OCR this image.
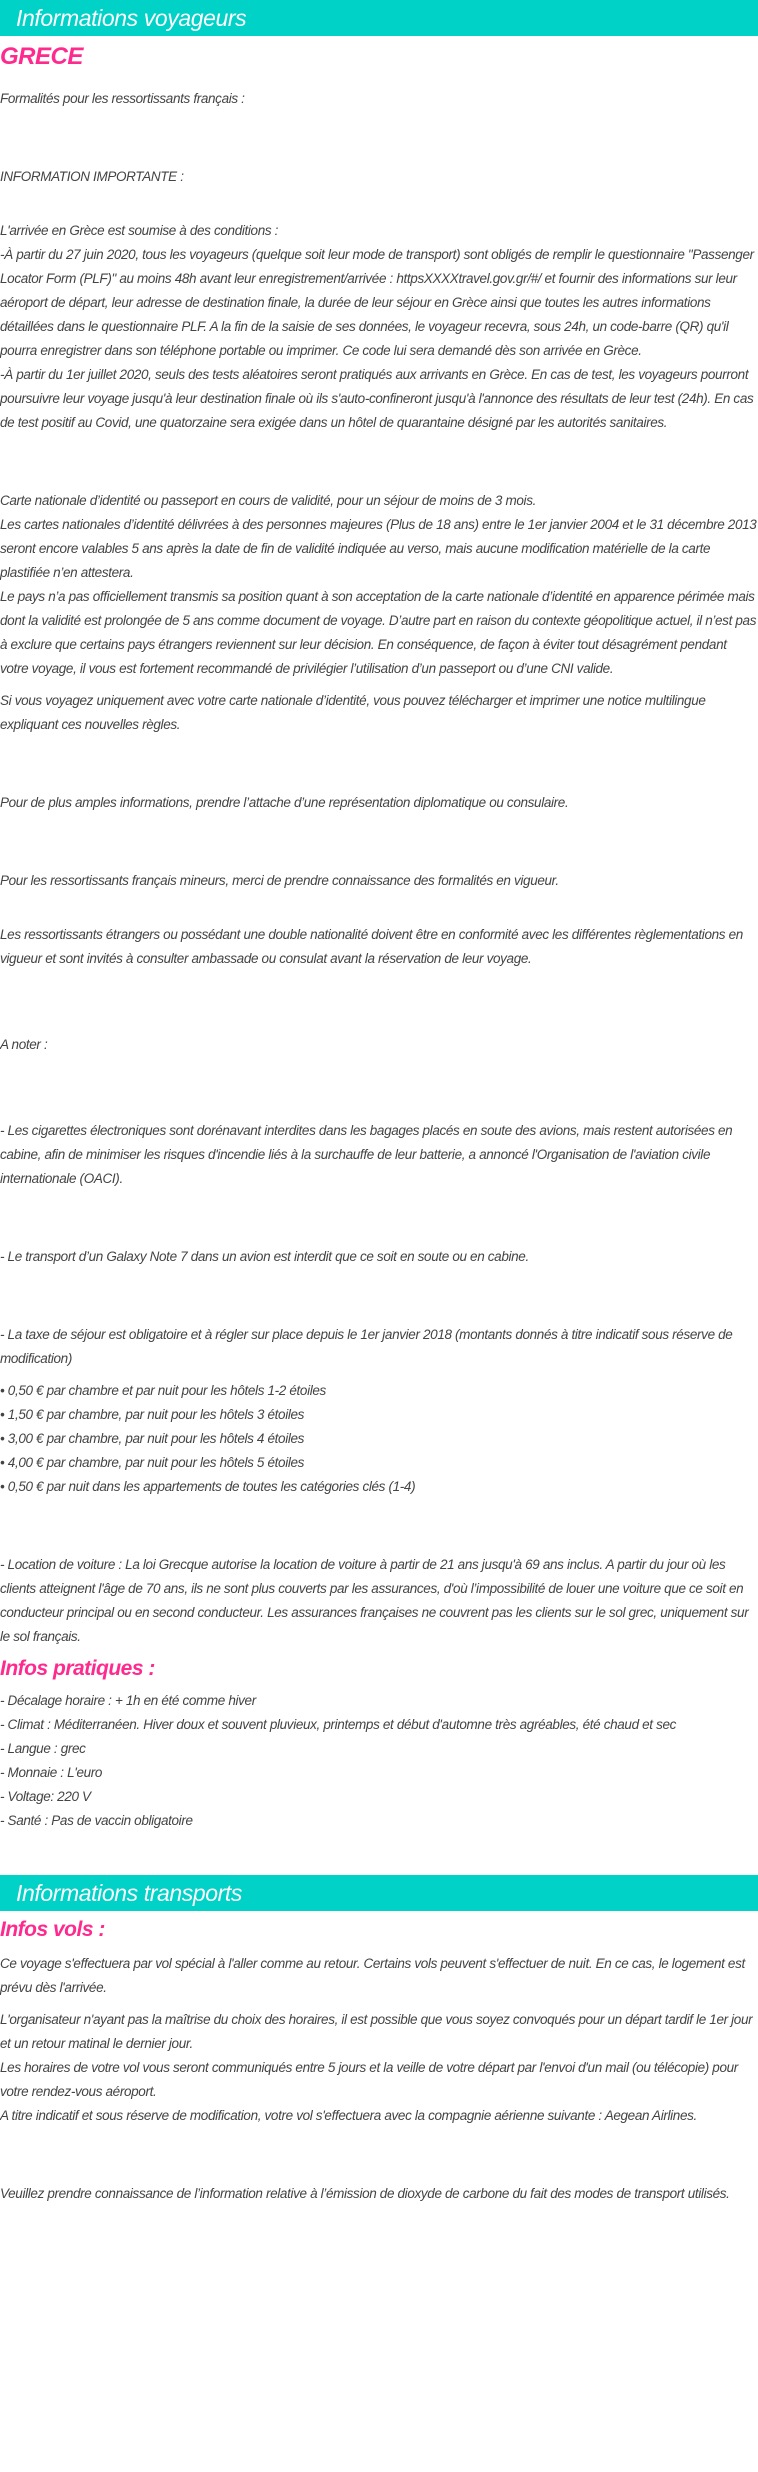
Informations voyageurs
GRECE

Formalités pour les ressortissants français :

INFORMATION IMPORTANTE :

L'arrivée en Grèce est soumise à des conditions :

-À partir du 27 juin 2020, tous les voyageurs (quelque soit leur mode de transport) sont obligés de remplir le questionnaire "Passenger Locator Form (PLF)" au moins 48h avant leur enregistrement/arrivée : httpsXXXXtravel.gov.gr/#/ et fournir des informations sur leur aéroport de départ, leur adresse de destination finale, la durée de leur séjour en Grèce ainsi que toutes les autres informations détaillées dans le questionnaire PLF. A la fin de la saisie de ses données, le voyageur recevra, sous 24h, un code-barre (QR) qu'il pourra enregistrer dans son téléphone portable ou imprimer. Ce code lui sera demandé dès son arrivée en Grèce.

-À partir du 1er juillet 2020, seuls des tests aléatoires seront pratiqués aux arrivants en Grèce. En cas de test, les voyageurs pourront poursuivre leur voyage jusqu'à leur destination finale où ils s'auto-confineront jusqu'à l'annonce des résultats de leur test (24h). En cas de test positif au Covid, une quatorzaine sera exigée dans un hôtel de quarantaine désigné par les autorités sanitaires.

Carte nationale d’identité ou passeport en cours de validité, pour un séjour de moins de 3 mois.

Les cartes nationales d’identité délivrées à des personnes majeures (Plus de 18 ans) entre le 1er janvier 2004 et le 31 décembre 2013 seront encore valables 5 ans après la date de fin de validité indiquée au verso, mais aucune modification matérielle de la carte plastifiée n’en attestera.

Le pays n’a pas officiellement transmis sa position quant à son acceptation de la carte nationale d’identité en apparence périmée mais dont la validité est prolongée de 5 ans comme document de voyage. D’autre part en raison du contexte géopolitique actuel, il n’est pas à exclure que certains pays étrangers reviennent sur leur décision. En conséquence, de façon à éviter tout désagrément pendant votre voyage, il vous est fortement recommandé de privilégier l’utilisation d’un passeport ou d’une CNI valide.

Si vous voyagez uniquement avec votre carte nationale d’identité, vous pouvez télécharger et imprimer une notice multilingue expliquant ces nouvelles règles.

Pour de plus amples informations, prendre l’attache d’une représentation diplomatique ou consulaire.

Pour les ressortissants français mineurs, merci de prendre connaissance des formalités en vigueur.

Les ressortissants étrangers ou possédant une double nationalité doivent être en conformité avec les différentes règlementations en vigueur et sont invités à consulter ambassade ou consulat avant la réservation de leur voyage.

A noter :

- Les cigarettes électroniques sont dorénavant interdites dans les bagages placés en soute des avions, mais restent autorisées en cabine, afin de minimiser les risques d'incendie liés à la surchauffe de leur batterie, a annoncé l'Organisation de l'aviation civile internationale (OACI).

- Le transport d’un Galaxy Note 7 dans un avion est interdit que ce soit en soute ou en cabine.

- La taxe de séjour est obligatoire et à régler sur place depuis le 1er janvier 2018 (montants donnés à titre indicatif sous réserve de modification)

• 0,50 € par chambre et par nuit pour les hôtels 1-2 étoiles
• 1,50 € par chambre, par nuit pour les hôtels 3 étoiles
• 3,00 € par chambre, par nuit pour les hôtels 4 étoiles
• 4,00 € par chambre, par nuit pour les hôtels 5 étoiles
• 0,50 € par nuit dans les appartements de toutes les catégories clés (1-4)

- Location de voiture : La loi Grecque autorise la location de voiture à partir de 21 ans jusqu'à 69 ans inclus. A partir du jour où les clients atteignent l'âge de 70 ans, ils ne sont plus couverts par les assurances, d'où l’impossibilité de louer une voiture que ce soit en conducteur principal ou en second conducteur. Les assurances françaises ne couvrent pas les clients sur le sol grec, uniquement sur le sol français.

Infos pratiques :

- Décalage horaire : + 1h en été comme hiver

- Climat : Méditerranéen. Hiver doux et souvent pluvieux, printemps et début d'automne très agréables, été chaud et sec

- Langue : grec

- Monnaie : L'euro

- Voltage: 220 V

- Santé : Pas de vaccin obligatoire

Informations transports
Infos vols :

Ce voyage s'effectuera par vol spécial à l'aller comme au retour. Certains vols peuvent s'effectuer de nuit. En ce cas, le logement est prévu dès l'arrivée.

L'organisateur n'ayant pas la maîtrise du choix des horaires, il est possible que vous soyez convoqués pour un départ tardif le 1er jour et un retour matinal le dernier jour.

Les horaires de votre vol vous seront communiqués entre 5 jours et la veille de votre départ par l'envoi d'un mail (ou télécopie) pour votre rendez-vous aéroport.

A titre indicatif et sous réserve de modification, votre vol s'effectuera avec la compagnie aérienne suivante : Aegean Airlines.

Veuillez prendre connaissance de l’information relative à l’émission de dioxyde de carbone du fait des modes de transport utilisés.
